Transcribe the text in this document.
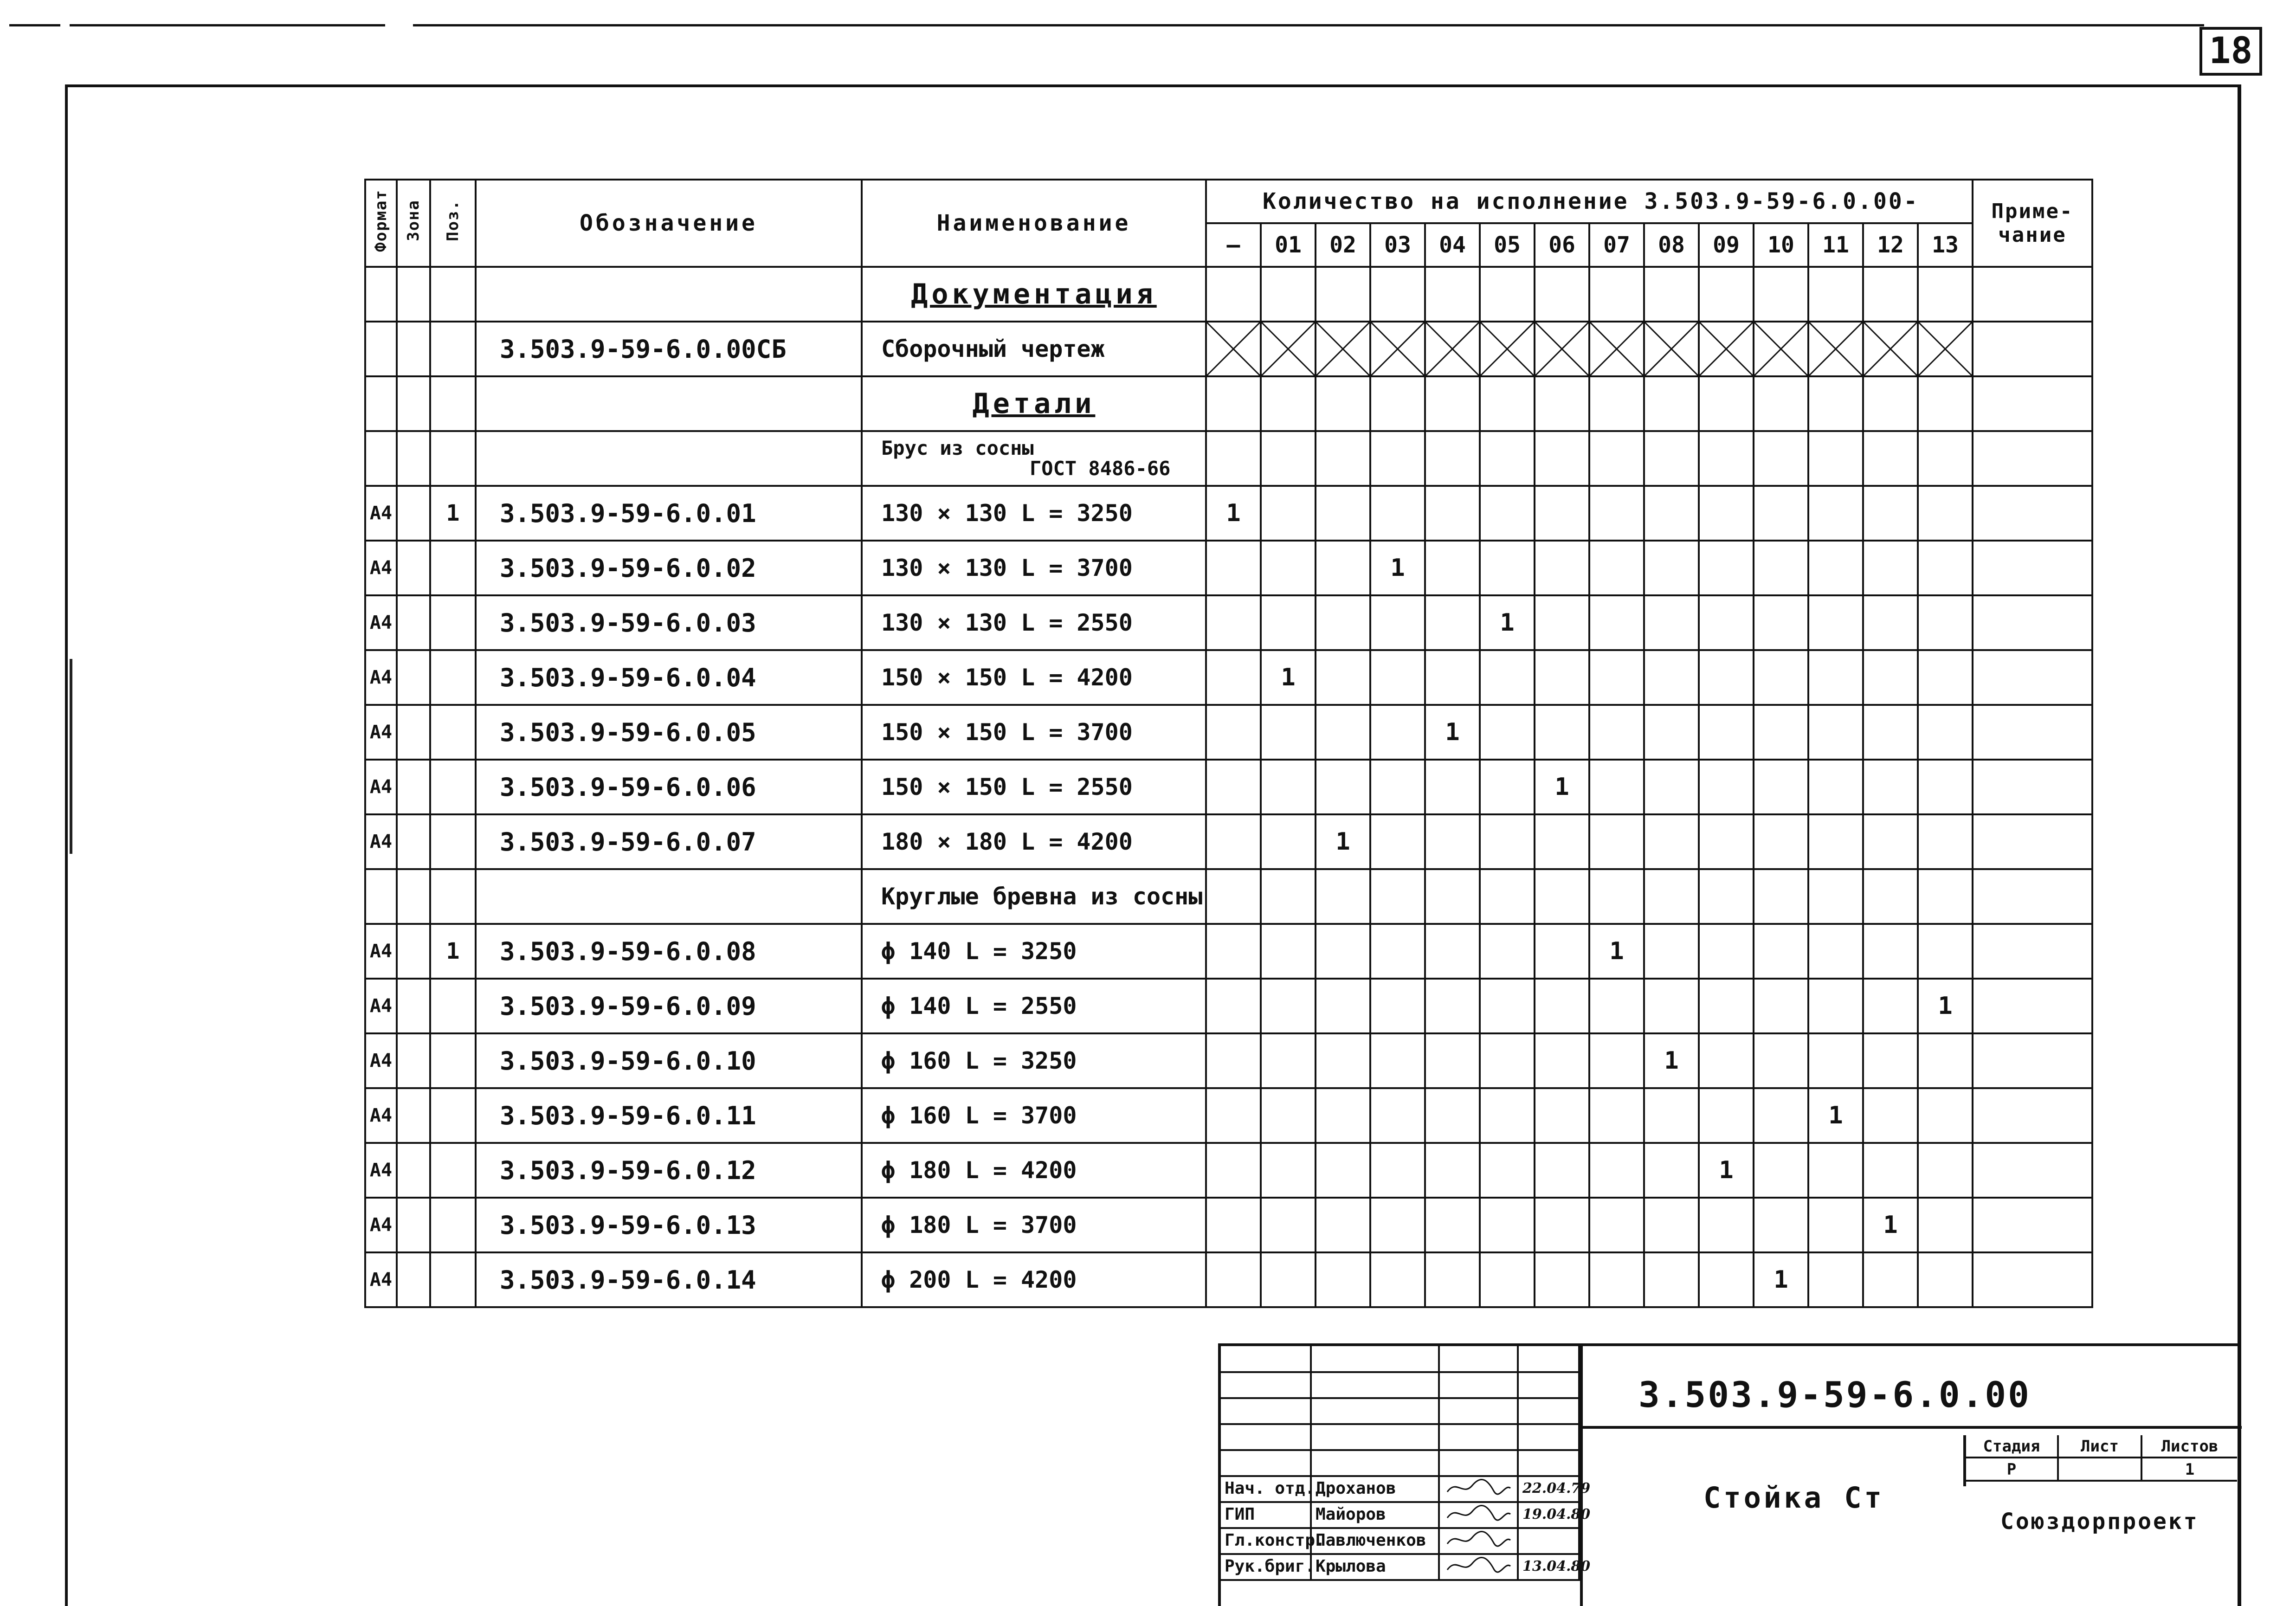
18
Формат	Зона	Поз.	Обозначение	Наименование	Количество на исполнение 3.503.9-59-6.0.00-														Приме-чание
					—	01	02	03	04	05	06	07	08	09	10	11	12	13	
				Документация															
			3.503.9-59-6.0.00СБ	Сборочный чертеж	

				Детали															

				Брус из сосны
ГОСТ 8486-66															

А4		1	3.503.9-59-6.0.01	130 × 130 L = 3250	1														
А4			3.503.9-59-6.0.02	130 × 130 L = 3700				1											
А4			3.503.9-59-6.0.03	130 × 130 L = 2550						1									
А4			3.503.9-59-6.0.04	150 × 150 L = 4200		1													
А4			3.503.9-59-6.0.05	150 × 150 L = 3700					1										
А4			3.503.9-59-6.0.06	150 × 150 L = 2550							1								
А4			3.503.9-59-6.0.07	180 × 180 L = 4200			1												
				Круглые бревна из сосны															
А4		1	3.503.9-59-6.0.08	ϕ 140 L = 3250								1							
А4			3.503.9-59-6.0.09	ϕ 140 L = 2550														1	
А4			3.503.9-59-6.0.10	ϕ 160 L = 3250									1						
А4			3.503.9-59-6.0.11	ϕ 160 L = 3700												1			
А4			3.503.9-59-6.0.12	ϕ 180 L = 4200										1					
А4			3.503.9-59-6.0.13	ϕ 180 L = 3700													1		
А4			3.503.9-59-6.0.14	ϕ 200 L = 4200											1				
Нач. отд. Дроханов	22.04.79
ГИП	Майоров	19.04.80
Гл.констр.
Павлюченков
Рук.бриг. Крылова	13.04.80
3.503.9-59-6.0.00
Стойка Ст
Стадия	Лист	Листов
Р	1
Союздорпроект
